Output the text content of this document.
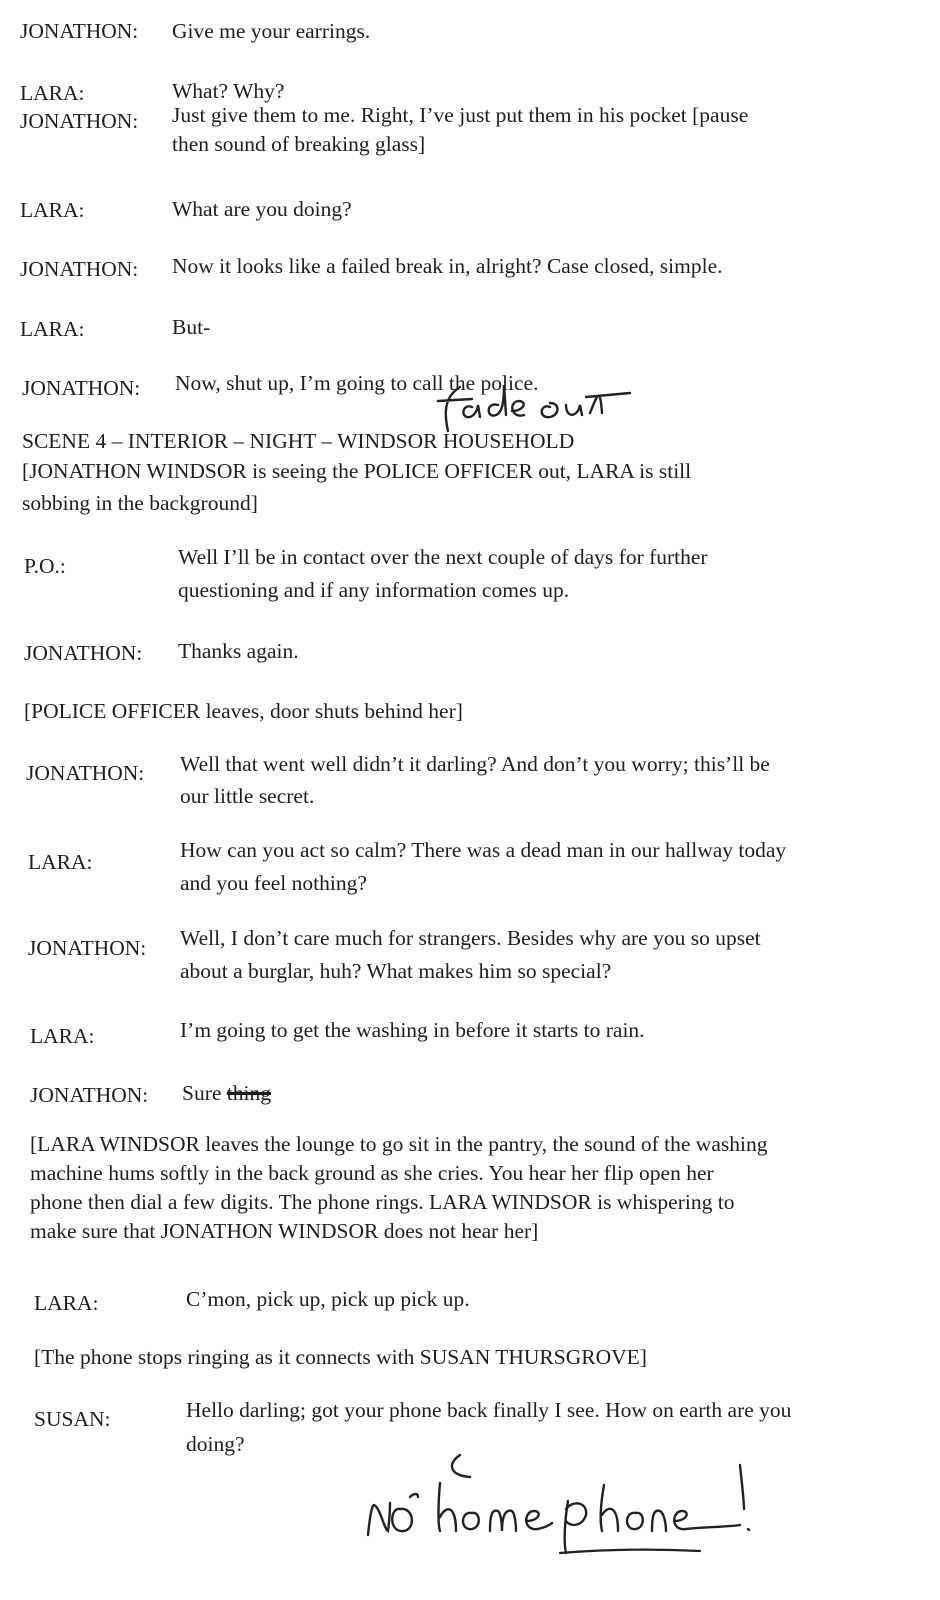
JONATHON: Give me your earrings.
LARA:	What? Why?
JONATHON: Just give them to me. Right, I’ve just put them in his pocket [pause
then sound of breaking glass]
LARA:	What are you doing?
JONATHON: Now it looks like a failed break in, alright? Case closed, simple.
LARA:	But-
JONATHON: Now, shut up, I’m going to call the police.
SCENE 4 – INTERIOR – NIGHT – WINDSOR HOUSEHOLD
[JONATHON WINDSOR is seeing the POLICE OFFICER out, LARA is still
sobbing in the background]
P.O.:	Well I’ll be in contact over the next couple of days for further
questioning and if any information comes up.
JONATHON: Thanks again.
[POLICE OFFICER leaves, door shuts behind her]
JONATHON: Well that went well didn’t it darling? And don’t you worry; this’ll be
our little secret.
LARA:	How can you act so calm? There was a dead man in our hallway today
and you feel nothing?
JONATHON: Well, I don’t care much for strangers. Besides why are you so upset
about a burglar, huh? What makes him so special?
LARA:	I’m going to get the washing in before it starts to rain.
JONATHON: Sure thing
[LARA WINDSOR leaves the lounge to go sit in the pantry, the sound of the washing
machine hums softly in the back ground as she cries. You hear her flip open her
phone then dial a few digits. The phone rings. LARA WINDSOR is whispering to
make sure that JONATHON WINDSOR does not hear her]
LARA:	C’mon, pick up, pick up pick up.
[The phone stops ringing as it connects with SUSAN THURSGROVE]
SUSAN:	Hello darling; got your phone back finally I see. How on earth are you
doing?
